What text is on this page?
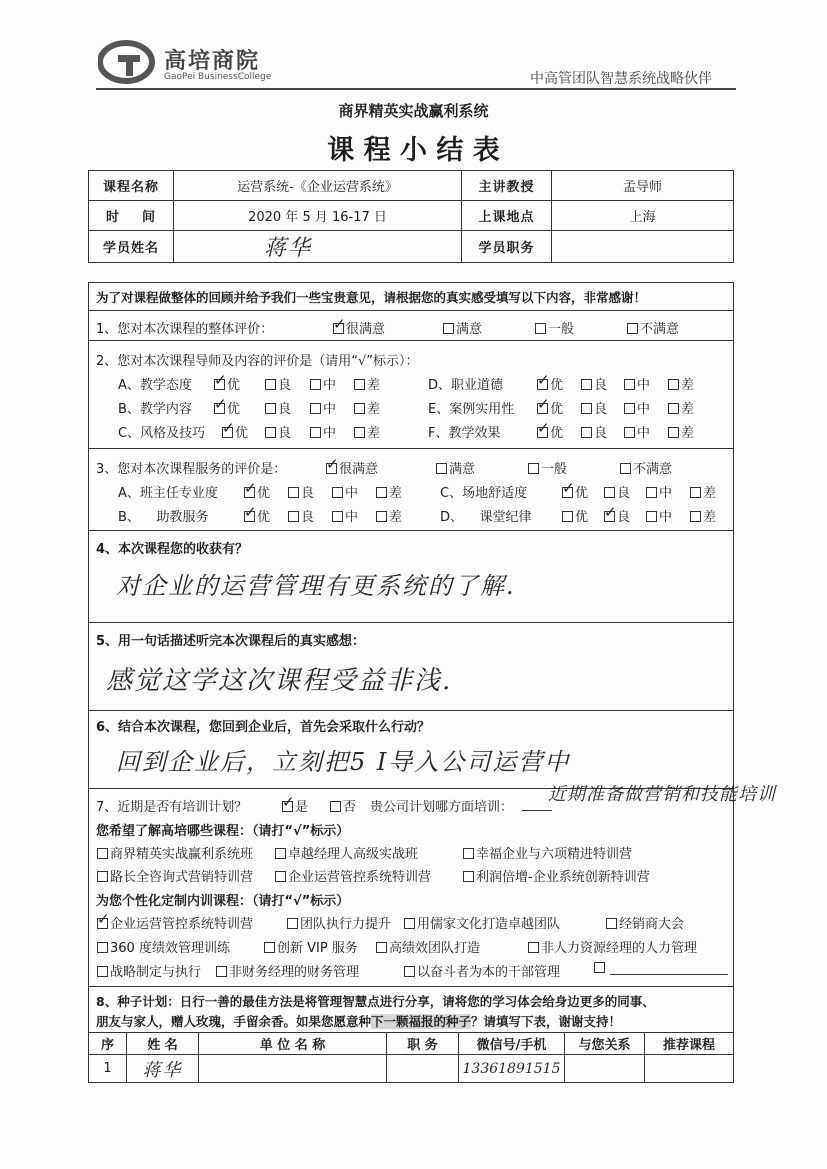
高培商院
GaoPei BusinessCollege	中高管团队智慧系统战略伙伴
商界精英实战赢利系统
课 程 小 结 表
课程名称	运营系统-《企业运营系统》	主讲教授	孟导师
时    间	2020 年 5 月 16-17 日	上课地点	上海
学员姓名	蒋华	学员职务	
为了对课程做整体的回顾并给予我们一些宝贵意见，请根据您的真实感受填写以下内容，非常感谢！
1、您对本次课程的整体评价： ✓	很满意	满意	一般	不满意
2、您对本次课程导师及内容的评价是（请用“√”标示）：
A、教学态度 ✓	优	良	中	差	D、职业道德 ✓	优	良	中	差
B、教学内容 ✓	优	良	中	差	E、案例实用性 ✓	优	良	中	差
C、风格及技巧 ✓	优	良	中	差	F、教学效果 ✓	优	良	中	差
3、您对本次课程服务的评价是： ✓	很满意	满意	一般	不满意
A、班主任专业度 ✓	优	良	中	差	C、场地舒适度 ✓	优	良	中	差
B、    助教服务 ✓	优	良	中	差	D、    课堂纪律	优 ✓	良	中	差
4、本次课程您的收获有？
对企业的运营管理有更系统的了解.
5、用一句话描述听完本次课程后的真实感想：
感觉这学这次课程受益非浅.
6、结合本次课程，您回到企业后，首先会采取什么行动？
回到企业后，立刻把5 I导入公司运营中
7、近期是否有培训计划？ ✓	是	否 贵公司计划哪方面培训：
近期准备做营销和技能培训
您希望了解高培哪些课程：（请打“√”标示）
商界精英实战赢利系统班	卓越经理人高级实战班	幸福企业与六项精进特训营
路长全咨询式营销特训营	企业运营管控系统特训营	利润倍增-企业系统创新特训营
为您个性化定制内训课程：（请打“√”标示）
✓企业运营管控系统特训营	团队执行力提升	用儒家文化打造卓越团队	经销商大会
360 度绩效管理训练	创新 VIP 服务	高绩效团队打造	非人力资源经理的人力管理
战略制定与执行	非财务经理的财务管理	以奋斗者为本的干部管理
8、种子计划：日行一善的最佳方法是将管理智慧点进行分享，请将您的学习体会给身边更多的同事、
朋友与家人，赠人玫瑰，手留余香。如果您愿意种下一颗福报的种子？请填写下表，谢谢支持！
序	姓 名	单 位 名 称	职 务	微信号/手机	与您关系	推荐课程
1	蒋华			13361891515		
